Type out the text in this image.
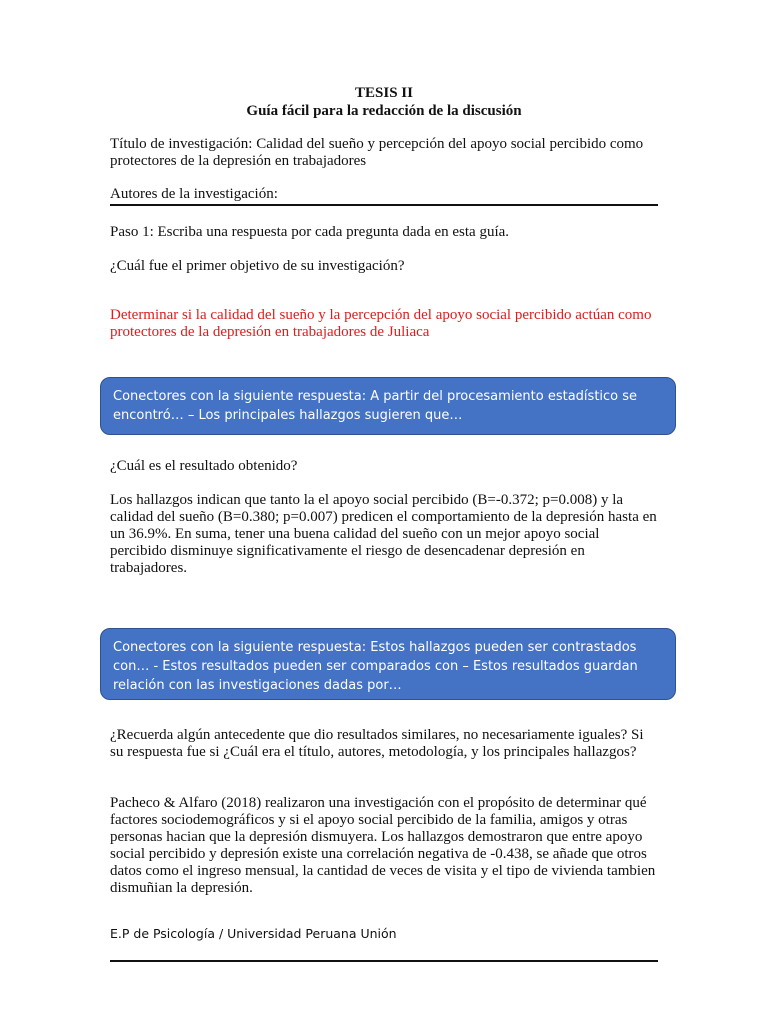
TESIS II
Guía fácil para la redacción de la discusión

Título de investigación: Calidad del sueño y percepción del apoyo social percibido como protectores de la depresión en trabajadores

Autores de la investigación:

Paso 1: Escriba una respuesta por cada pregunta dada en esta guía.

¿Cuál fue el primer objetivo de su investigación?

Determinar si la calidad del sueño y la percepción del apoyo social percibido actúan como protectores de la depresión en trabajadores de Juliaca

Conectores con la siguiente respuesta: A partir del procesamiento estadístico se encontró… – Los principales hallazgos sugieren que…

¿Cuál es el resultado obtenido?

Los hallazgos indican que tanto la el apoyo social percibido (B=-0.372; p=0.008) y la calidad del sueño (B=0.380; p=0.007) predicen el comportamiento de la depresión hasta en un 36.9%. En suma, tener una buena calidad del sueño con un mejor apoyo social percibido disminuye significativamente el riesgo de desencadenar depresión en trabajadores.

Conectores con la siguiente respuesta: Estos hallazgos pueden ser contrastados con… - Estos resultados pueden ser comparados con – Estos resultados guardan relación con las investigaciones dadas por…

¿Recuerda algún antecedente que dio resultados similares, no necesariamente iguales? Si su respuesta fue si ¿Cuál era el título, autores, metodología, y los principales hallazgos?

Pacheco & Alfaro (2018) realizaron una investigación con el propósito de determinar qué factores sociodemográficos y si el apoyo social percibido de la familia, amigos y otras personas hacian que la depresión dismuyera. Los hallazgos demostraron que entre apoyo social percibido y depresión existe una correlación negativa de -0.438, se añade que otros datos como el ingreso mensual, la cantidad de veces de visita y el tipo de vivienda tambien dismuñian la depresión.

E.P de Psicología / Universidad Peruana Unión
